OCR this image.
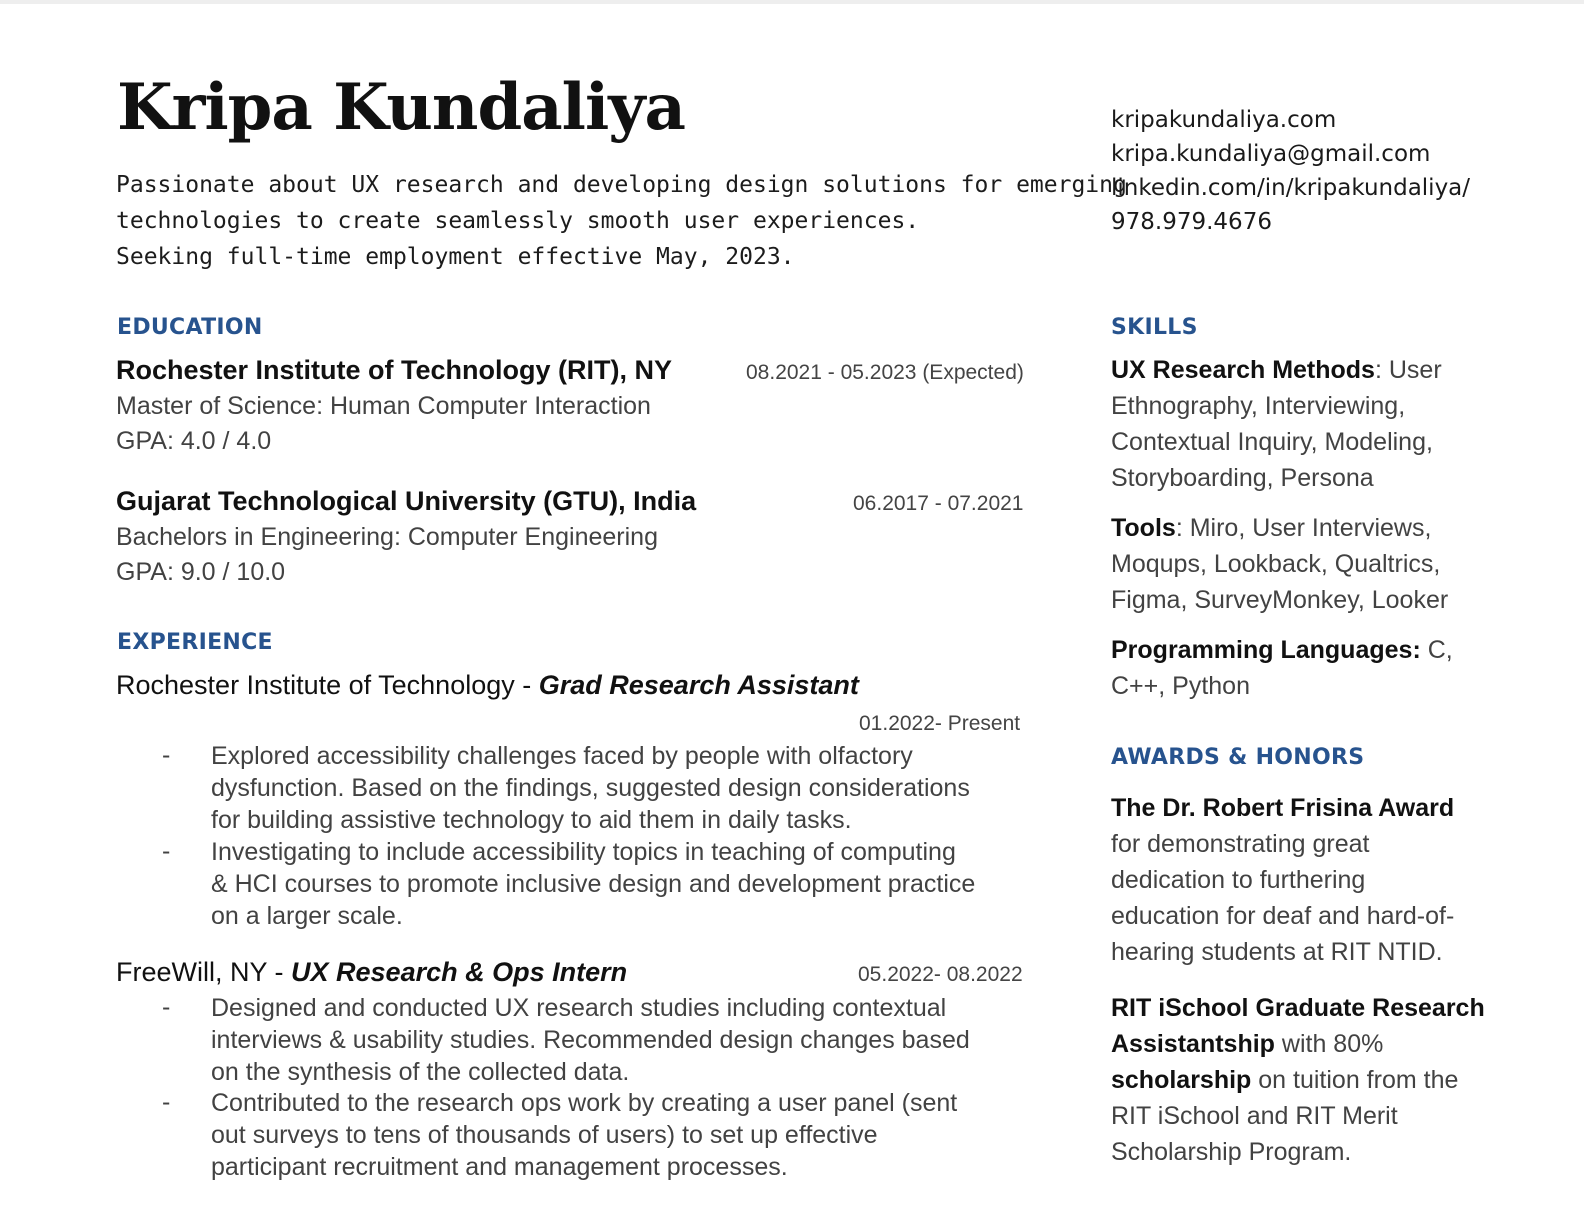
Kripa Kundaliya
Passionate about UX research and developing design solutions for emerging
technologies to create seamlessly smooth user experiences.
Seeking full-time employment effective May, 2023.
kripakundaliya.com
kripa.kundaliya@gmail.com
linkedin.com/in/kripakundaliya/
978.979.4676
EDUCATION
Rochester Institute of Technology (RIT), NY	08.2021 - 05.2023 (Expected)
Master of Science: Human Computer Interaction
GPA: 4.0 / 4.0
Gujarat Technological University (GTU), India	06.2017 - 07.2021
Bachelors in Engineering: Computer Engineering
GPA: 9.0 / 10.0
EXPERIENCE
Rochester Institute of Technology - Grad Research Assistant
01.2022- Present
- Explored accessibility challenges faced by people with olfactory
dysfunction. Based on the findings, suggested design considerations
for building assistive technology to aid them in daily tasks.
- Investigating to include accessibility topics in teaching of computing
& HCI courses to promote inclusive design and development practice
on a larger scale.
FreeWill, NY - UX Research & Ops Intern	05.2022- 08.2022
- Designed and conducted UX research studies including contextual
interviews & usability studies. Recommended design changes based
on the synthesis of the collected data.
- Contributed to the research ops work by creating a user panel (sent
out surveys to tens of thousands of users) to set up effective
participant recruitment and management processes.
SKILLS
UX Research Methods: User
Ethnography, Interviewing,
Contextual Inquiry, Modeling,
Storyboarding, Persona
Tools: Miro, User Interviews,
Moqups, Lookback, Qualtrics,
Figma, SurveyMonkey, Looker
Programming Languages: C,
C++, Python
AWARDS & HONORS
The Dr. Robert Frisina Award
for demonstrating great
dedication to furthering
education for deaf and hard-of-
hearing students at RIT NTID.
RIT iSchool Graduate Research
Assistantship with 80%
scholarship on tuition from the
RIT iSchool and RIT Merit
Scholarship Program.
